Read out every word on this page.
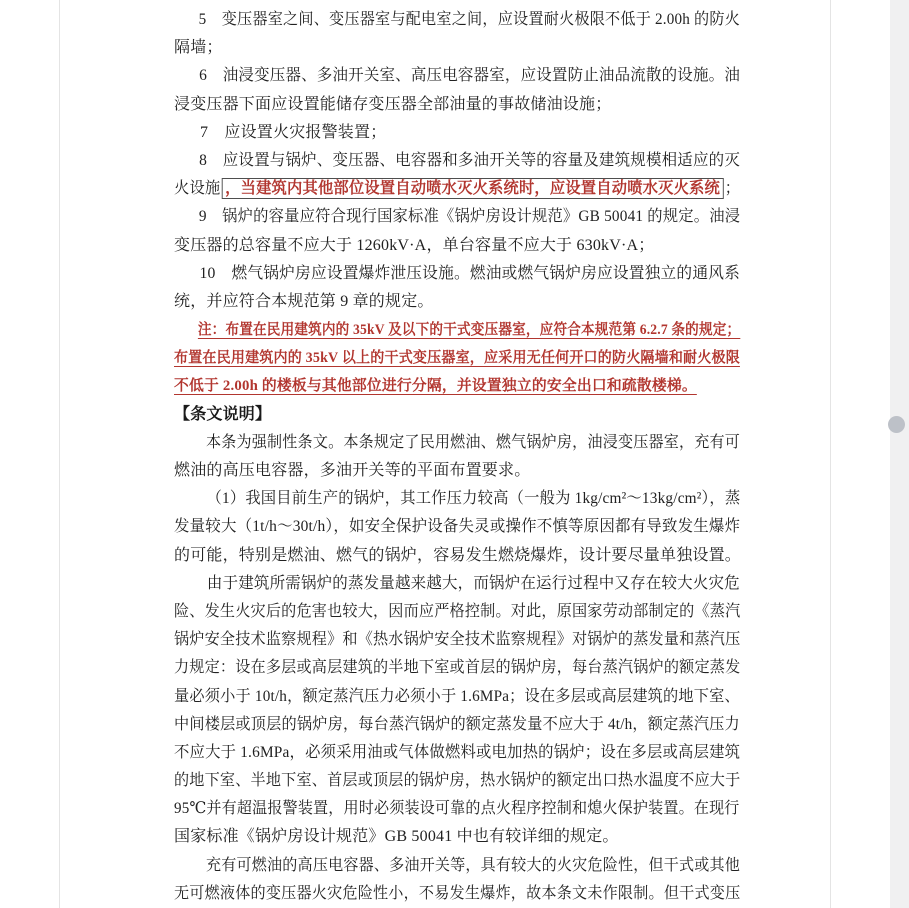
5　变压器室之间、变压器室与配电室之间，应设置耐火极限不低于 2.00h 的防火
隔墙；
6　油浸变压器、多油开关室、高压电容器室，应设置防止油品流散的设施。油
浸变压器下面应设置能储存变压器全部油量的事故储油设施；
7　应设置火灾报警装置；
8　应设置与锅炉、变压器、电容器和多油开关等的容量及建筑规模相适应的灭
火设施 ，当建筑内其他部位设置自动喷水灭火系统时，应设置自动喷水灭火系统 ；
9　锅炉的容量应符合现行国家标准《锅炉房设计规范》GB 50041 的规定。油浸
变压器的总容量不应大于 1260kV·A，单台容量不应大于 630kV·A；
10　燃气锅炉房应设置爆炸泄压设施。燃油或燃气锅炉房应设置独立的通风系
统，并应符合本规范第 9 章的规定。
注：布置在民用建筑内的 35kV 及以下的干式变压器室，应符合本规范第 6.2.7 条的规定；
布置在民用建筑内的 35kV 以上的干式变压器室，应采用无任何开口的防火隔墙和耐火极限
不低于 2.00h 的楼板与其他部位进行分隔，并设置独立的安全出口和疏散楼梯。
【条文说明】
本条为强制性条文。本条规定了民用燃油、燃气锅炉房，油浸变压器室，充有可
燃油的高压电容器，多油开关等的平面布置要求。
（1）我国目前生产的锅炉，其工作压力较高（一般为 1kg/cm²～13kg/cm²），蒸
发量较大（1t/h～30t/h），如安全保护设备失灵或操作不慎等原因都有导致发生爆炸
的可能，特别是燃油、燃气的锅炉，容易发生燃烧爆炸，设计要尽量单独设置。
由于建筑所需锅炉的蒸发量越来越大，而锅炉在运行过程中又存在较大火灾危
险、发生火灾后的危害也较大，因而应严格控制。对此，原国家劳动部制定的《蒸汽
锅炉安全技术监察规程》和《热水锅炉安全技术监察规程》对锅炉的蒸发量和蒸汽压
力规定：设在多层或高层建筑的半地下室或首层的锅炉房，每台蒸汽锅炉的额定蒸发
量必须小于 10t/h，额定蒸汽压力必须小于 1.6MPa；设在多层或高层建筑的地下室、
中间楼层或顶层的锅炉房，每台蒸汽锅炉的额定蒸发量不应大于 4t/h，额定蒸汽压力
不应大于 1.6MPa，必须采用油或气体做燃料或电加热的锅炉；设在多层或高层建筑
的地下室、半地下室、首层或顶层的锅炉房，热水锅炉的额定出口热水温度不应大于
95℃并有超温报警装置，用时必须装设可靠的点火程序控制和熄火保护装置。在现行
国家标准《锅炉房设计规范》GB 50041 中也有较详细的规定。
充有可燃油的高压电容器、多油开关等，具有较大的火灾危险性，但干式或其他
无可燃液体的变压器火灾危险性小，不易发生爆炸，故本条文未作限制。但干式变压
